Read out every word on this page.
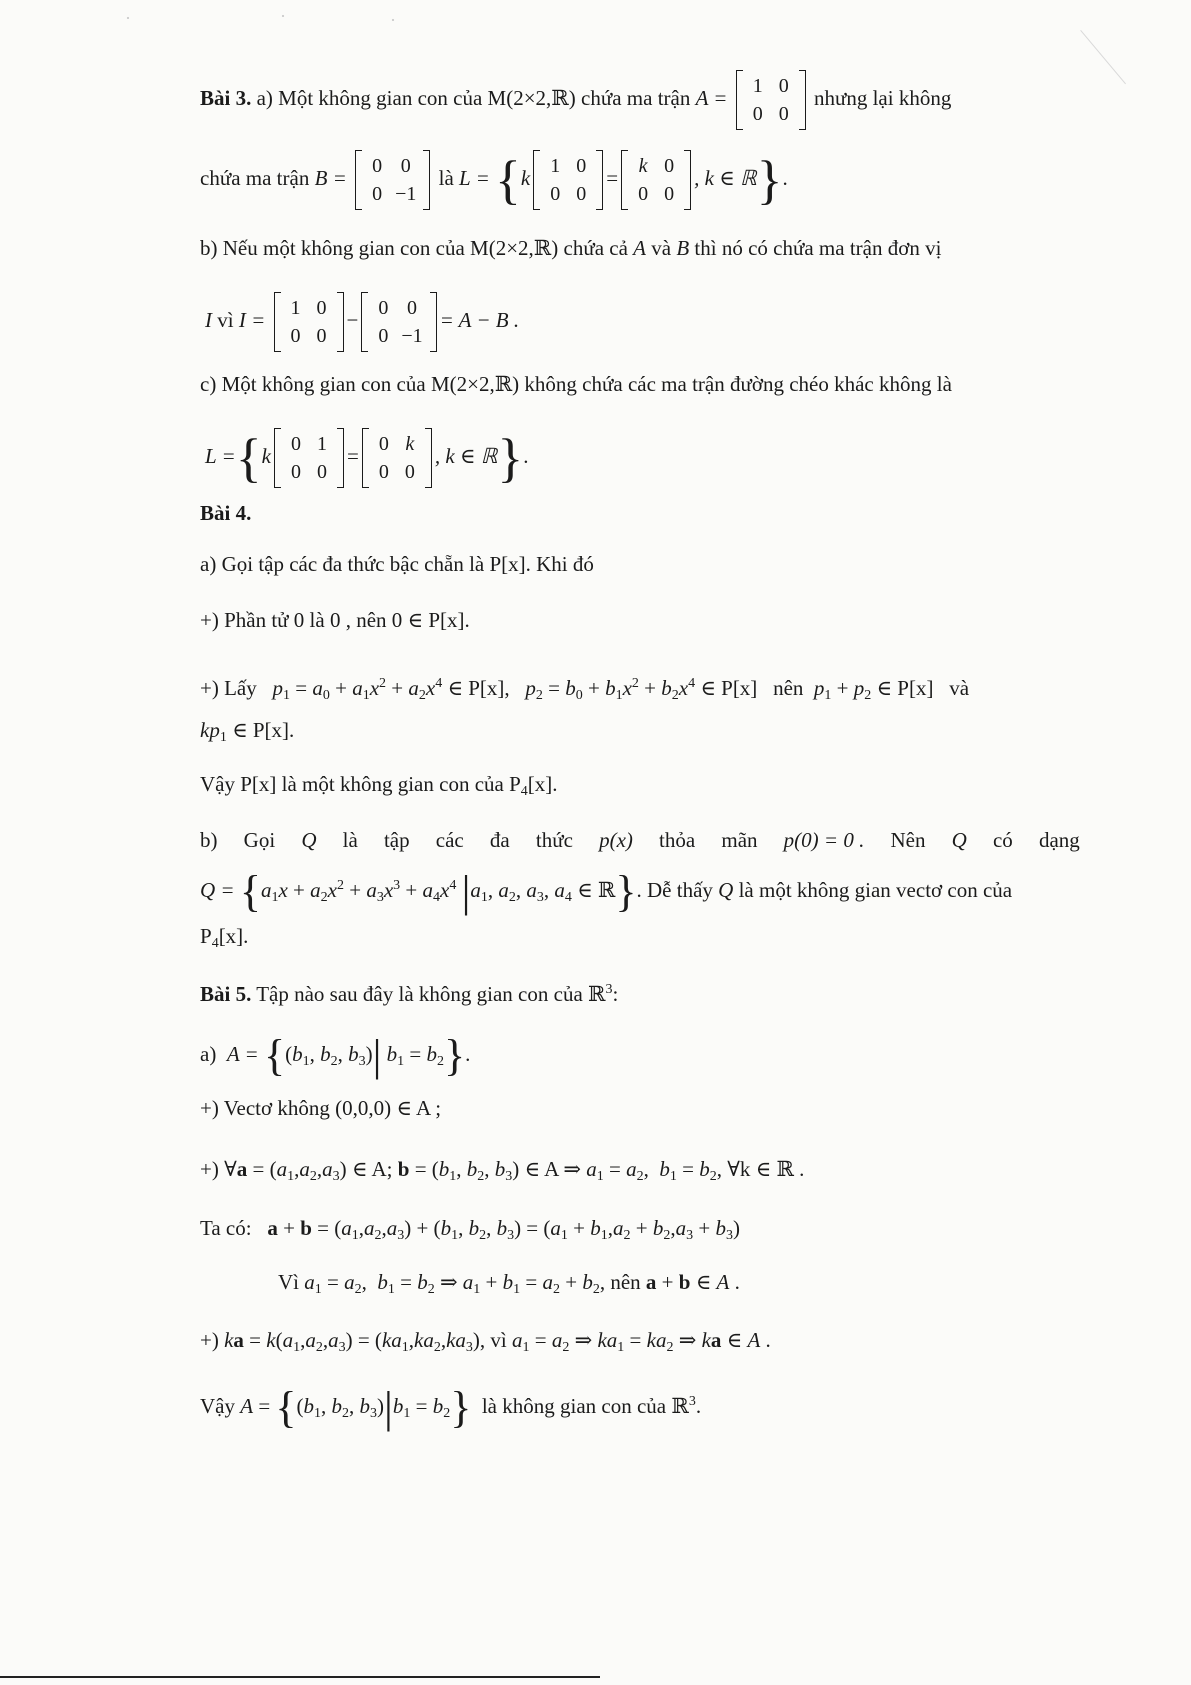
·	·	·
Bài 3. a) Một không gian con của M(2×2,ℝ) chứa ma trận A = 1	0
0	0
nhưng lại không
chứa ma trận B = 0	0
0	−1
là L = {k 1	0
0	0
= k	0
0	0
, k ∈ ℝ}.
b) Nếu một không gian con của M(2×2,ℝ) chứa cả A và B thì nó có chứa ma trận đơn vị
I vì I = 1	0
0	0
− 0	0
0	−1
= A − B .
c) Một không gian con của M(2×2,ℝ) không chứa các ma trận đường chéo khác không là
L ={k 0	1
0	0
= 0	k
0	0
, k ∈ ℝ}.
Bài 4.
a) Gọi tập các đa thức bậc chẵn là P[x]. Khi đó
+) Phần tử 0 là 0 , nên 0 ∈ P[x].
+) Lấy $p_1 = a_0 + a_1x^2 + a_2x^4$ ∈ P[x], $p_2 = b_0 + b_1x^2 + b_2x^4$ ∈ P[x] nên $p_1 + p_2$ ∈ P[x] và
$kp_1$ ∈ P[x].
Vậy P[x] là một không gian con của $P_4[x]$.
b) Gọi Q là tập các đa thức p(x) thỏa mãn p(0) = 0 . Nên Q có dạng
$Q = \{a_1x + a_2x^2 + a_3x^3 + a_4x^4$ $|a_1$, $a_2$, $a_3$, $a_4$ ∈ ℝ}. Dễ thấy Q là một không gian vectơ con của
$P_4[x]$.
Bài 5. Tập nào sau đây là không gian con của ℝ$^3$:
a) $A = \{(b_1$, $b_2$, $b_3)|$ $b_1 = b_2$}.
+) Vectơ không (0,0,0) ∈ A ;
+) ∀a = $(a_1,a_2,a_3)$ ∈ A; $b = (b_1$, $b_2$, $b_3$) ∈ A ⇒ $a_1 = a_2$,  $b_1 = b_2$, ∀k ∈ ℝ .
Ta có: $a + b = (a_1,a_2,a_3) + (b_1$, $b_2$, $b_3) = (a_1 + b_1,a_2 + b_2,a_3 + b_3)$
Vì $a_1 = a_2$,  $b_1 = b_2$ ⇒ $a_1 + b_1 = a_2 + b_2$, nên a + b ∈ A .
+) ka = $k(a_1,a_2,a_3) = (ka_1,ka_2,ka_3)$, vì $a_1 = a_2$ ⇒ $ka_1 = ka_2$ ⇒ ka ∈ A .
Vậy $A = \{(b_1$, $b_2$, $b_3)|b_1 = b_2$} là không gian con của ℝ$^3$.
